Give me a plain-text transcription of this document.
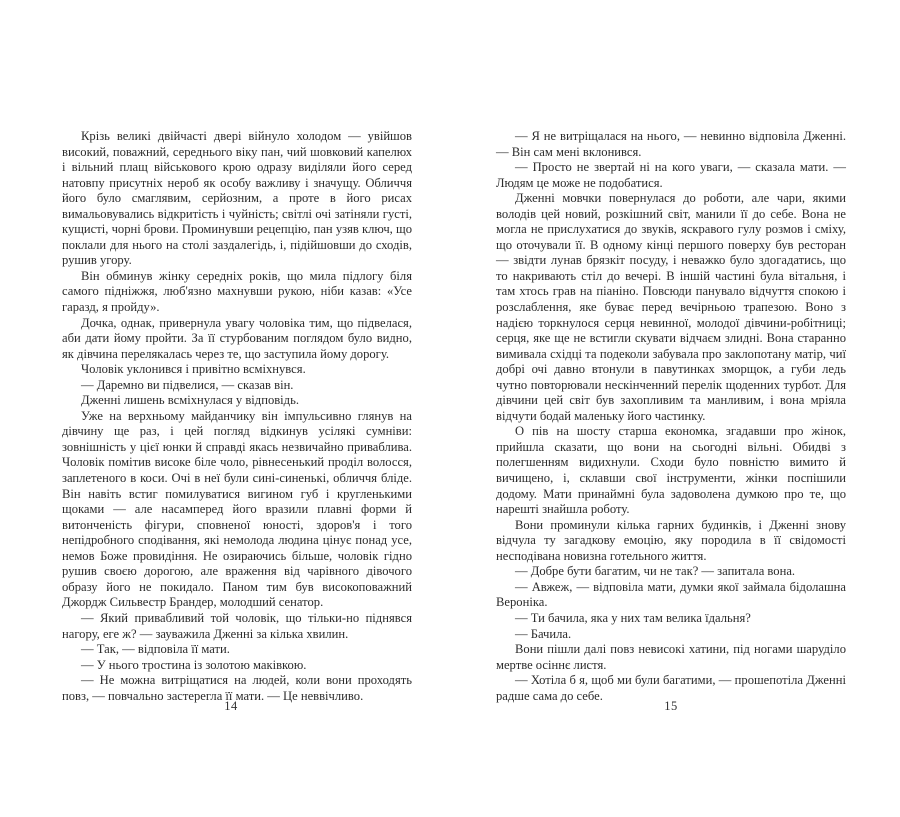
Крізь великі двійчасті двері війнуло холодом — увійшов високий, поважний, середнього віку пан, чий шовковий капелюх і вільний плащ військового крою одразу виділяли його серед натовпу присутніх нероб як особу важливу і значущу. Обличчя його було смаглявим, серйозним, а проте в його рисах вимальовувались відкритість і чуйність; світлі очі затіняли густі, кущисті, чорні брови. Проминувши рецепцію, пан узяв ключ, що поклали для нього на столі заздалегідь, і, підійшовши до сходів, рушив угору.

Він обминув жінку середніх років, що мила підлогу біля самого підніжжя, люб'язно махнувши рукою, ніби казав: «Усе гаразд, я пройду».

Дочка, однак, привернула увагу чоловіка тим, що підвелася, аби дати йому пройти. За її стурбованим поглядом було видно, як дівчина перелякалась через те, що заступила йому дорогу.

Чоловік уклонився і привітно всміхнувся.

— Даремно ви підвелися, — сказав він.

Дженні лишень всміхнулася у відповідь.

Уже на верхньому майданчику він імпульсивно глянув на дівчину ще раз, і цей погляд відкинув усілякі сумніви: зовнішність у цієї юнки й справді якась незвичайно приваблива. Чоловік помітив високе біле чоло, рівнесенький проділ волосся, заплетеного в коси. Очі в неї були сині-синенькі, обличчя бліде. Він навіть встиг помилуватися вигином губ і кругленькими щоками — але насамперед його вразили плавні форми й витонченість фігури, сповненої юності, здоров'я і того непідробного сподівання, які немолода людина цінує понад усе, немов Боже провидіння. Не озираючись більше, чоловік гідно рушив своєю дорогою, але враження від чарівного дівочого образу його не покидало. Паном тим був високоповажний Джордж Сильвестр Брандер, молодший сенатор.

— Який привабливий той чоловік, що тільки-но піднявся нагору, еге ж? — зауважила Дженні за кілька хвилин.

— Так, — відповіла її мати.

— У нього тростина із золотою маківкою.

— Не можна витріщатися на людей, коли вони проходять повз, — повчально застерегла її мати. — Це неввічливо.

14

— Я не витріщалася на нього, — невинно відповіла Дженні. — Він сам мені вклонився.

— Просто не звертай ні на кого уваги, — сказала мати. — Людям це може не подобатися.

Дженні мовчки повернулася до роботи, але чари, якими володів цей новий, розкішний світ, манили її до себе. Вона не могла не прислухатися до звуків, яскравого гулу розмов і сміху, що оточували її. В одному кінці першого поверху був ресторан — звідти лунав брязкіт посуду, і неважко було здогадатись, що то накривають стіл до вечері. В іншій частині була вітальня, і там хтось грав на піаніно. Повсюди панувало відчуття спокою і розслаблення, яке буває перед вечірньою трапезою. Воно з надією торкнулося серця невинної, молодої дівчини-робітниці; серця, яке ще не встигли скувати відчаєм злидні. Вона старанно вимивала східці та подеколи забувала про заклопотану матір, чиї добрі очі давно втонули в павутинках зморщок, а губи ледь чутно повторювали нескінченний перелік щоденних турбот. Для дівчини цей світ був захопливим та манливим, і вона мріяла відчути бодай маленьку його частинку.

О пів на шосту старша економка, згадавши про жінок, прийшла сказати, що вони на сьогодні вільні. Обидві з полегшенням видихнули. Сходи було повністю вимито й вичищено, і, склавши свої інструменти, жінки поспішили додому. Мати принаймні була задоволена думкою про те, що нарешті знайшла роботу.

Вони проминули кілька гарних будинків, і Дженні знову відчула ту загадкову емоцію, яку породила в її свідомості несподівана новизна готельного життя.

— Добре бути багатим, чи не так? — запитала вона.

— Авжеж, — відповіла мати, думки якої займала бідолашна Вероніка.

— Ти бачила, яка у них там велика їдальня?

— Бачила.

Вони пішли далі повз невисокі хатини, під ногами шаруділо мертве осіннє листя.

— Хотіла б я, щоб ми були багатими, — прошепотіла Дженні радше сама до себе.

15
